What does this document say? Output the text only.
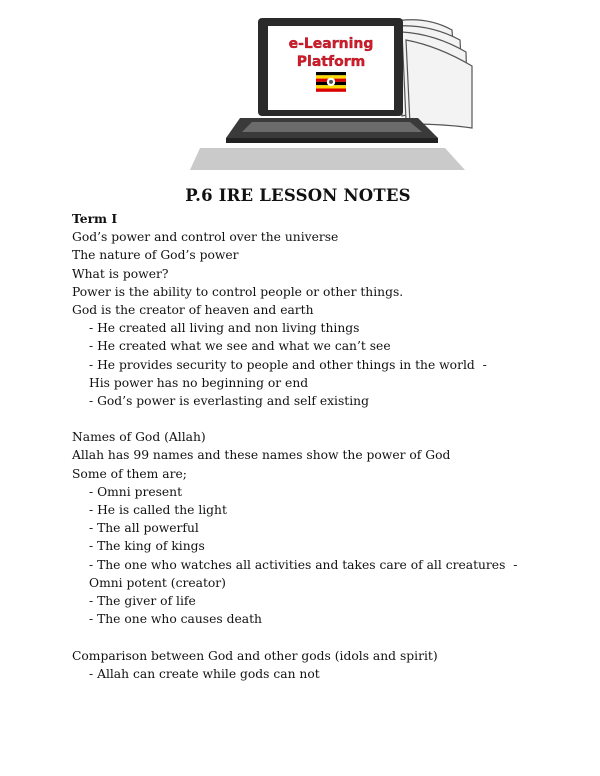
e-Learning
Platform
P.6 IRE LESSON NOTES
Term I
God’s power and control over the universe
The nature of God’s power
What is power?
Power is the ability to control people or other things.
God is the creator of heaven and earth
- He created all living and non living things
- He created what we see and what we can’t see
- He provides security to people and other things in the world  -
His power has no beginning or end
- God’s power is everlasting and self existing
Names of God (Allah)
Allah has 99 names and these names show the power of God
Some of them are;
- Omni present
- He is called the light
- The all powerful
- The king of kings
- The one who watches all activities and takes care of all creatures  -
Omni potent (creator)
- The giver of life
- The one who causes death
Comparison between God and other gods (idols and spirit)
- Allah can create while gods can not
